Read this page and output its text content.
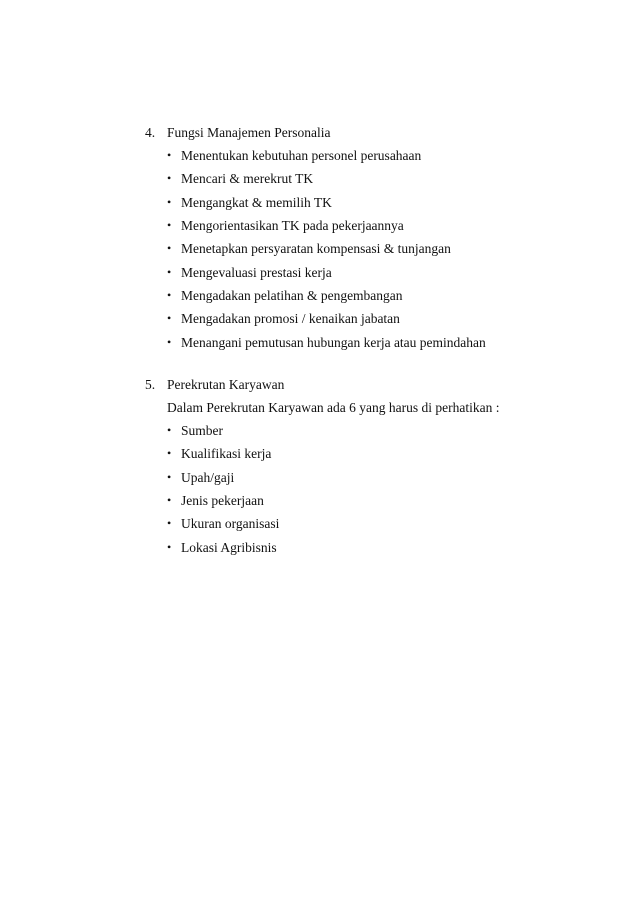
4. Fungsi Manajemen Personalia
• Menentukan kebutuhan personel perusahaan
• Mencari & merekrut TK
• Mengangkat & memilih TK
• Mengorientasikan TK pada pekerjaannya
• Menetapkan persyaratan kompensasi & tunjangan
• Mengevaluasi prestasi kerja
• Mengadakan pelatihan & pengembangan
• Mengadakan promosi / kenaikan jabatan
• Menangani pemutusan hubungan kerja atau pemindahan
5. Perekrutan Karyawan
Dalam Perekrutan Karyawan ada 6 yang harus di perhatikan :
• Sumber
• Kualifikasi kerja
• Upah/gaji
• Jenis pekerjaan
• Ukuran organisasi
• Lokasi Agribisnis
